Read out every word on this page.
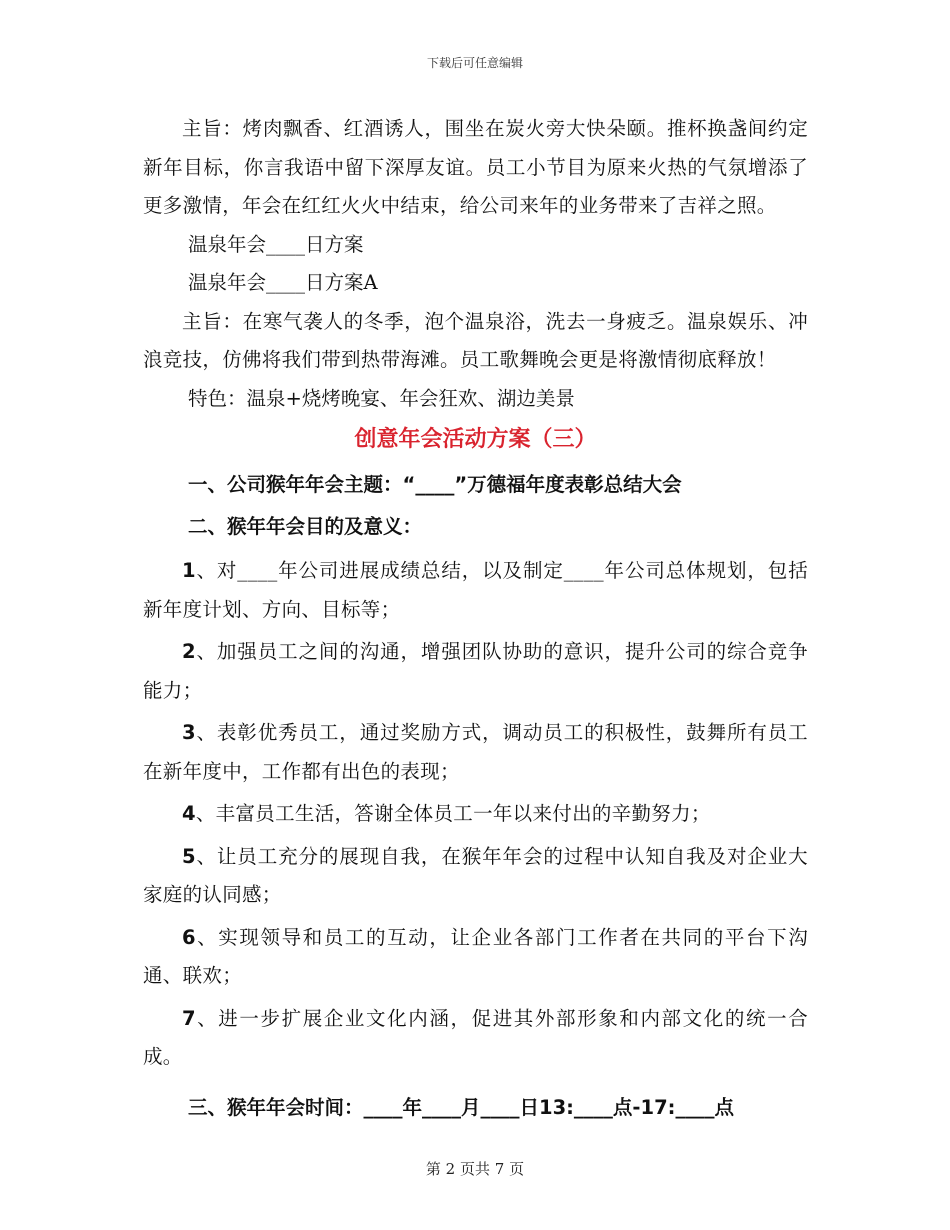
下载后可任意编辑

主旨：烤肉飘香、红酒诱人，围坐在炭火旁大快朵颐。推杯换盏间约定新年目标，你言我语中留下深厚友谊。员工小节目为原来火热的气氛增添了更多激情，年会在红红火火中结束，给公司来年的业务带来了吉祥之照。

温泉年会____日方案

温泉年会____日方案A

主旨：在寒气袭人的冬季，泡个温泉浴，洗去一身疲乏。温泉娱乐、冲浪竞技，仿佛将我们带到热带海滩。员工歌舞晚会更是将激情彻底释放！

特色：温泉+烧烤晚宴、年会狂欢、湖边美景

创意年会活动方案（三）

一、公司猴年年会主题：“____”万德福年度表彰总结大会

二、猴年年会目的及意义：

1、对____年公司进展成绩总结，以及制定____年公司总体规划，包括新年度计划、方向、目标等；

2、加强员工之间的沟通，增强团队协助的意识，提升公司的综合竞争能力；

3、表彰优秀员工，通过奖励方式，调动员工的积极性，鼓舞所有员工在新年度中，工作都有出色的表现；

4、丰富员工生活，答谢全体员工一年以来付出的辛勤努力；

5、让员工充分的展现自我，在猴年年会的过程中认知自我及对企业大家庭的认同感；

6、实现领导和员工的互动，让企业各部门工作者在共同的平台下沟通、联欢；

7、进一步扩展企业文化内涵，促进其外部形象和内部文化的统一合成。

三、猴年年会时间：____年____月____日13:____点-17:____点

第 2 页共 7 页
